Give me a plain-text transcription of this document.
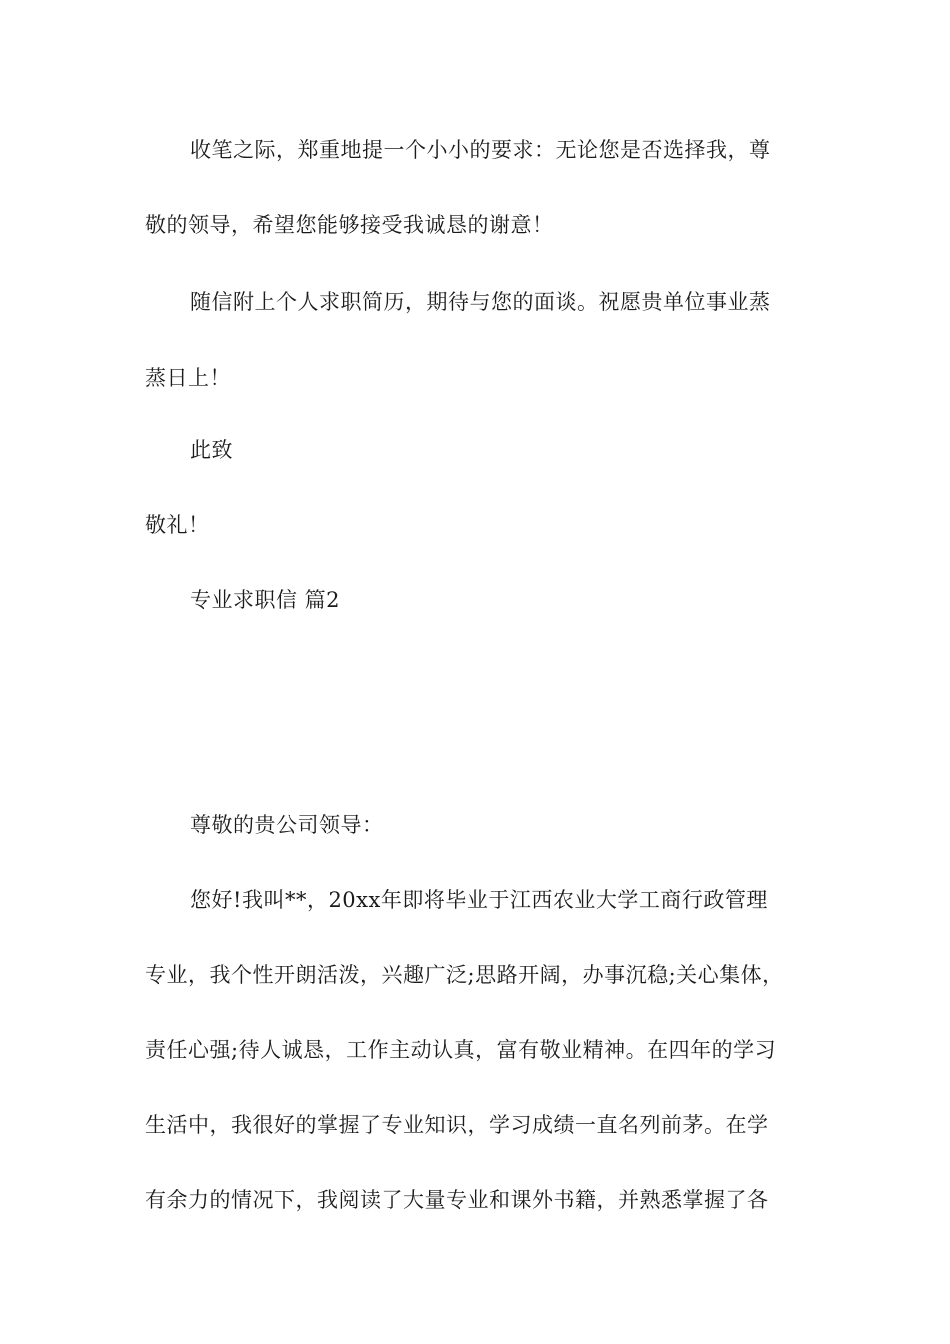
收笔之际，郑重地提一个小小的要求：无论您是否选择我，尊
敬的领导，希望您能够接受我诚恳的谢意！
随信附上个人求职简历，期待与您的面谈。祝愿贵单位事业蒸
蒸日上！
此致
敬礼！
专业求职信 篇2
尊敬的贵公司领导：
您好!我叫**，20xx年即将毕业于江西农业大学工商行政管理
专业，我个性开朗活泼，兴趣广泛;思路开阔，办事沉稳;关心集体，
责任心强;待人诚恳，工作主动认真，富有敬业精神。在四年的学习
生活中，我很好的掌握了专业知识，学习成绩一直名列前茅。在学
有余力的情况下，我阅读了大量专业和课外书籍，并熟悉掌握了各
